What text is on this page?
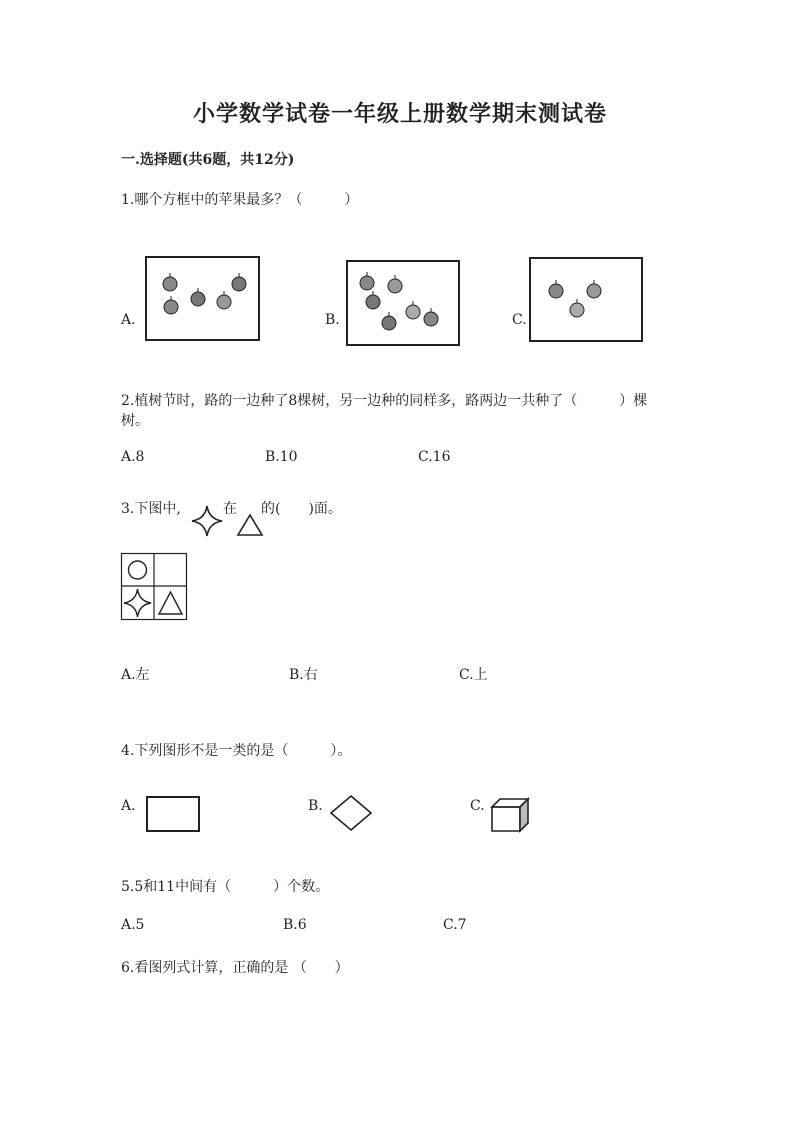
小学数学试卷一年级上册数学期末测试卷
一.选择题(共6题，共12分)
1.哪个方框中的苹果最多？（　　　）
A.	B.	C.
2.植树节时，路的一边种了8棵树，另一边种的同样多，路两边一共种了（　　　）棵
树。
A.8	B.10	C.16
3.下图中,	在 的(　　)面。
A.左	B.右	C.上
4.下列图形不是一类的是（　　　）。
A.	B.	C.
5.5和11中间有（　　　）个数。
A.5	B.6	C.7
6.看图列式计算，正确的是 （　　）
